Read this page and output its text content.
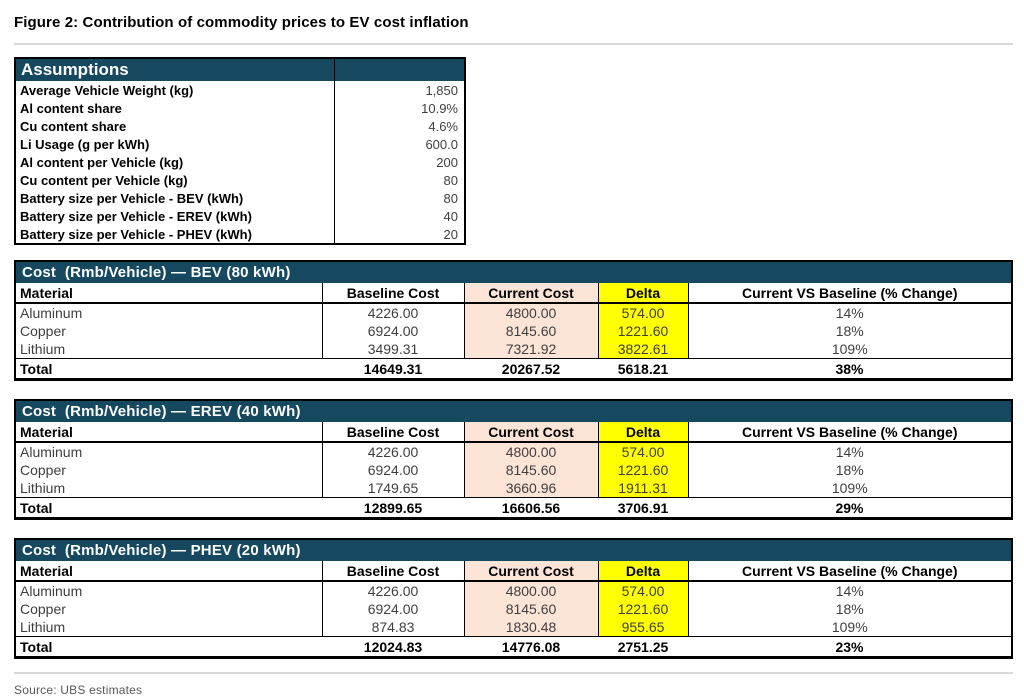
Figure 2: Contribution of commodity prices to EV cost inflation
Assumptions	
Average Vehicle Weight (kg)	1,850
Al content share	10.9%
Cu content share	4.6%
Li Usage (g per kWh)	600.0
Al content per Vehicle (kg)	200
Cu content per Vehicle (kg)	80
Battery size per Vehicle - BEV (kWh)	80
Battery size per Vehicle - EREV (kWh)	40
Battery size per Vehicle - PHEV (kWh)	20
Cost  (Rmb/Vehicle) — BEV (80 kWh)				
Material	Baseline Cost	Current Cost	Delta	Current VS Baseline (% Change)
Aluminum	4226.00	4800.00	574.00	14%
Copper	6924.00	8145.60	1221.60	18%
Lithium	3499.31	7321.92	3822.61	109%
Total	14649.31	20267.52	5618.21	38%
Cost  (Rmb/Vehicle) — EREV (40 kWh)				
Material	Baseline Cost	Current Cost	Delta	Current VS Baseline (% Change)
Aluminum	4226.00	4800.00	574.00	14%
Copper	6924.00	8145.60	1221.60	18%
Lithium	1749.65	3660.96	1911.31	109%
Total	12899.65	16606.56	3706.91	29%
Cost  (Rmb/Vehicle) — PHEV (20 kWh)				
Material	Baseline Cost	Current Cost	Delta	Current VS Baseline (% Change)
Aluminum	4226.00	4800.00	574.00	14%
Copper	6924.00	8145.60	1221.60	18%
Lithium	874.83	1830.48	955.65	109%
Total	12024.83	14776.08	2751.25	23%
Source: UBS estimates
